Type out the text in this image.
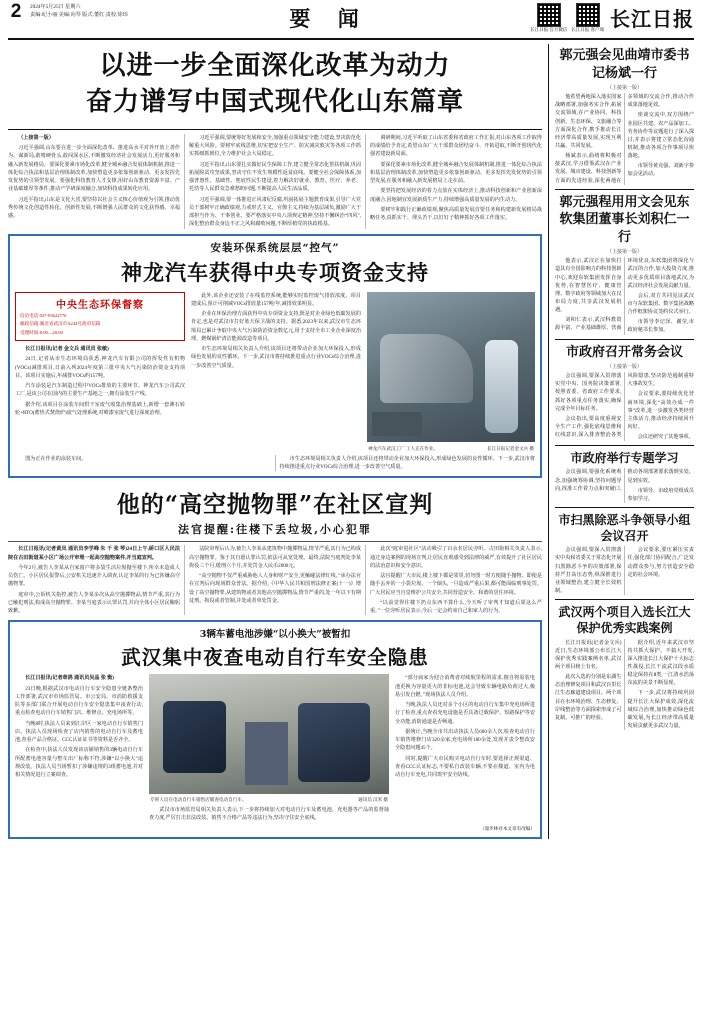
2	2024年5月25日 星期六
责编:纪小丽 美编:向琴 版式:董红 责校:徐玮	要 闻	长江日报 官方微信 长江日报 客户端 长江日报
以进一步全面深化改革为动力
奋力谱写中国式现代化山东篇章

（上接第一版）

习近平强调,山东要在进一步全面深化改革、推进高水平对外开放上善作为、谋新局,敢啃硬骨头,敢闯深水区,不断激发经济社会发展活力,更好服务和融入新发展格局。要深化要素市场化改革,健全城乡融合发展体制机制,推进一体化综合执法和基层治理体制改革,加快塑造更多依靠创新驱动、更多发挥先发优势的引领型发展。要强化科技教育人才支撑,用好山东教育资源丰富、产业基础雄厚等条件,推动产学研深度融合,加快科技成果转化应用。

习近平指出,山东是文化大省,要坚持以社会主义核心价值观为引领,推动优秀传统文化创造性转化、创新性发展,不断增强人民群众的文化获得感、幸福感。

习近平强调,要统筹好发展和安全,加强重点领域安全能力建设,坚决防范化解重大风险。要树牢底线思维,切实把安全生产、防灾减灾救灾等各项工作抓实抓细抓到位,全力维护社会大局稳定。

习近平指出,山东要扎实做好民生保障工作,建立健全常态化帮扶机制,巩固拓展脱贫攻坚成果,坚决守住不发生规模性返贫底线。要健全社会保障体系,加强普惠性、基础性、兜底性民生建设,着力解决好就业、教育、医疗、养老、托幼等人民群众急难愁盼问题,不断提高人民生活品质。

习近平强调,要一体推进正风肃纪反腐,巩固拓展主题教育成果,引导广大党员干部树牢正确政绩观,力戒形式主义、官僚主义,持续为基层减负,激励广大干部担当作为、干事创业。要严格落实中央八项规定精神,坚持不懈纠治“四风”,深化整治群众身边不正之风和腐败问题,不断厚植党的执政根基。

调研期间,习近平听取了山东省委和省政府工作汇报,对山东各项工作取得的成绩给予肯定,希望山东广大干部群众团结奋斗、开拓进取,不断开创现代化强省建设新局面。

要深化要素市场化改革,健全城乡融合发展体制机制,推进一体化综合执法和基层治理体制改革,加快塑造更多依靠创新驱动、更多发挥先发优势的引领型发展,在服务和融入新发展格局上走在前。

要坚持把发展经济的着力点放在实体经济上,推动科技创新和产业创新深度融合,因地制宜发展新质生产力,持续增强高质量发展的内生动力。

要树牢和践行正确政绩观,聚焦高质量发展首要任务和构建新发展格局战略任务,真抓实干、埋头苦干,以钉钉子精神抓好各项工作落实。

安装环保系统层层“控气”
神龙汽车获得中央专项资金支持
中央生态环保督察
信访电话:027-83622776
邮政信箱:湖北省武汉市A244号政府信箱
受理时间:8:00—20:00

长江日报讯(记者 金文兵 通讯员 张敏)

24日,记者从市生态环境局获悉,神龙汽车有限公司的挥发性有机物(VOCs)减排项目,日前入列2024年度第三批中央大气污染防治资金支持项目。该项目实施后,年减排VOCs约157吨。

汽车涂装是汽车制造过程中VOCs排放的主要环节。神龙汽车公司武汉工厂,是该公司在国内的主要生产基地之一,拥有涂装生产线。

据介绍,该项目在涂装车间烘干室废气收集治理基础上,新增一套沸石转轮+RTO(蓄热式焚烧炉)废气处理系统,对喷漆室废气进行深度治理。

此外,该企业还安装了在线监控系统,能够实时监控废气排放浓度。项目建成后,预计可削减VOCs排放量157吨/年,减排效果明显。

企业在环保治理方面获得中央专项资金支持,既是对企业绿色低碳发展的肯定,也是对武汉市打好蓝天保卫战的支持。据悉,2023年以来,武汉市生态环境局已累计争取中央大气污染防治资金数亿元,用于支持全市工业企业深度治理、燃煤锅炉清洁能源改造等项目。

市生态环境局相关负责人介绍,该项目还将带动企业加大环保投入,形成绿色发展的良性循环。下一步,武汉市将持续推进重点行业VOCs综合治理,进一步改善空气质量。

神龙汽车武汉工厂 工人正在作业。	长江日报记者金文兵 摄

图为正在作业的涂装车间。	市生态环境局相关负责人介绍,该项目还将带动企业加大环保投入,形成绿色发展的良性循环。下一步,武汉市将持续推进重点行业VOCs综合治理,进一步改善空气质量。

他的“高空抛物罪”在社区宣判
法官提醒:往楼下丢垃圾,小心犯罪

长江日报讯(记者黄凤 通讯员李学峰 朱 千 张 琴)24日上午,硚口区人民法院在古田街道某小区广场公开审理一起高空抛物案件,并当庭宣判。

今年2月,被告人李某从自家窗户将多袋生活垃圾抛至楼下,所幸未造成人员伤亡。小区居民报警后,公安机关迅速介入调查,认定李某的行为已涉嫌高空抛物罪。

庭审中,公诉机关指控,被告人李某多次从高空抛掷物品,情节严重,其行为已触犯刑法,构成高空抛物罪。李某当庭表示认罪认罚,并向全体小区居民鞠躬致歉。

法院审理后认为,被告人李某从建筑物中抛掷物品,情节严重,其行为已构成高空抛物罪。鉴于其自愿认罪认罚,依法可从宽处理。最终,法院当庭判处李某拘役三个月,缓刑六个月,并处罚金人民币2000元。

“高空抛物不仅严重威胁他人人身和财产安全,更触碰法律红线。”承办法官在宣判后向现场群众普法。据介绍,《中华人民共和国刑法修正案(十一)》增设了高空抛物罪,从建筑物或者其他高空抛掷物品,情节严重的,处一年以下有期徒刑、拘役或者管制,并处或者单处罚金。

此次“庭审进社区”活动吸引了百余名居民旁听。古田街相关负责人表示,通过身边案例的现场宣判,让居民直观感受到法律的威严,有效提升了社区居民的法治意识和安全意识。

法官提醒广大市民,楼上楼下都是邻里,切勿图一时方便随手抛物。即使是随手丢弃的一小袋垃圾、一个烟头,一旦造成严重后果,都可能面临刑事处罚。广大居民应当自觉维护公共安全,共同营造安全、和谐的居住环境。

“以前觉得往楼下扔点东西不算什么,今天听了审判才知道后果这么严重。”一位旁听居民表示,今后一定会约束自己和家人的行为。

3辆车蓄电池涉嫌“以小换大”被暂扣
武汉集中夜查电动自行车安全隐患

长江日报讯(记者章鸽 通讯员吴晶 张 衡)

23日晚,根据武汉市电动自行车安全隐患全链条整治工作部署,武汉市市场监管局、市公安局、市消防救援支队等多部门联合开展电动自行车安全隐患集中夜查行动,重点检查电动自行车销售门店、维修点、充电场所等。

当晚8时,执法人员来到江岸区一家电动自行车销售门店。执法人员现场检查了店内销售的电动自行车及蓄电池,查看产品合格证、CCC认证证书等资料是否齐全。

在检查中,执法人员发现该店铺销售的3辆电动自行车所配蓄电池容量与整车出厂标称不符,涉嫌“以小换大”违规改装。执法人员当场暂扣了涉嫌违规的3组蓄电池,并对相关情况进行立案调查。

专班人员在电动自行车销售店铺查电动自行车。	通讯员 汉米 摄

武汉市市场监管局相关负责人表示,下一步将持续加大对电动自行车及蓄电池、充电器等产品的监督抽查力度,严厉打击非法改装、销售不合格产品等违法行为,坚决守住安全底线。

“部分商家为迎合消费者对续航里程的需求,擅自将原装电池更换为容量更大的非标电池,这会导致车辆电路负荷过大,极易引发自燃。”现场执法人员介绍。

当晚,执法人员还对多个小区的电动自行车集中充电场所进行了检查,重点查看充电设施是否具备过载保护、短路保护等安全功能,消防通道是否畅通。

据统计,当晚全市共出动执法人员600余人次,检查电动自行车销售维修门店320余家,充电场所180余处,发现并责令整改安全隐患问题45个。

同时,提醒广大市民购买电动自行车时,要选择正规渠道、查看CCC认证标志,不要私自改装车辆,不要在楼道、室内为电动自行车充电,共同筑牢安全防线。

（漫步林对本文章有改编）
郭元强会见曲靖市委书记杨斌一行
（上接第一版）

他希望两地深入落实国家战略部署,加强务实合作,拓展交流领域,在产业协同、科技创新、生态环保、文旅融合等方面深化合作,携手推动长江经济带高质量发展,实现互利共赢、共同发展。

杨斌表示,曲靖将积极对接武汉,学习借鉴武汉在产业发展、城市建设、科技创新等方面的先进经验,深化两地在多领域的交流合作,推动合作成果落地见效。

座谈交流中,双方围绕产业园区共建、农产品深加工、劳务协作等议题进行了深入探讨,并表示将建立常态化沟通机制,推动各项合作事项尽快落地。

市领导黄克强、刘新宇参加会见活动。

郭元强程用用文会见东软集团董事长刘积仁一行
（上接第一版）

他表示,武汉正在加快打造具有全国影响力的科技创新中心,欢迎东软集团发挥自身优势,在智慧医疗、健康管理、数字政府等领域加大在汉布局力度,共享武汉发展机遇。

刘积仁表示,武汉科教资源丰富、产业基础雄厚、营商环境优良,东软集团将深化与武汉的合作,加大投资力度,推动更多优质项目落地武汉,为武汉经济社会发展贡献力量。

会后,双方共同见证武汉市与东软集团、数字集团战略合作框架协议签约仪式举行。

市领导李记泽、谢莹,市政府秘书长参加。

市政府召开常务会议
（上接第一版）

会议强调,要深入贯彻落实党中央、国务院决策部署,按照省委、省政府工作要求,抓好各项重点任务落实,确保完成全年目标任务。

会议指出,要高度重视安全生产工作,强化底线思维和红线意识,深入排查整治各类风险隐患,坚决防范遏制重特大事故发生。

会议要求,要持续优化营商环境,深化“高效办成一件事”改革,进一步激发各类经营主体活力,推动经济持续回升向好。

会议还研究了其他事项。

市政府举行专题学习

会议强调,要强化系统观念,加强统筹协调,坚持问题导向,找准工作着力点和突破口,推动各项部署要求落到实处、见到实效。

市领导、市政府党组成员参加学习。

市扫黑除恶斗争领导小组会议召开

会议强调,要深入贯彻落实中央和省委关于常态化开展扫黑除恶斗争的决策部署,保持严打高压态势,纵深推进行业领域整治,建立健全长效机制。

会议要求,要压紧压实责任,强化部门协同配合,广泛发动群众参与,努力营造安全稳定的社会环境。

武汉两个项目入选长江大保护优秀实践案例

长江日报讯(记者金文兵)近日,生态环境部公布长江大保护优秀实践案例名单,武汉两个项目榜上有名。

此次入选的分别是东湖生态治理修复项目和武汉百里长江生态廊道建设项目。两个项目在水环境治理、生态修复、岸线整治等方面探索形成了可复制、可推广的经验。

据介绍,近年来武汉市坚持共抓大保护、不搞大开发,深入推进长江大保护十大标志性战役,长江干流武汉段水质稳定保持在Ⅱ类,一江清水浩荡东流的美景不断显现。

下一步,武汉将持续巩固提升长江大保护成效,深化流域综合治理,加快推动绿色低碳发展,为长江经济带高质量发展贡献更多武汉力量。
